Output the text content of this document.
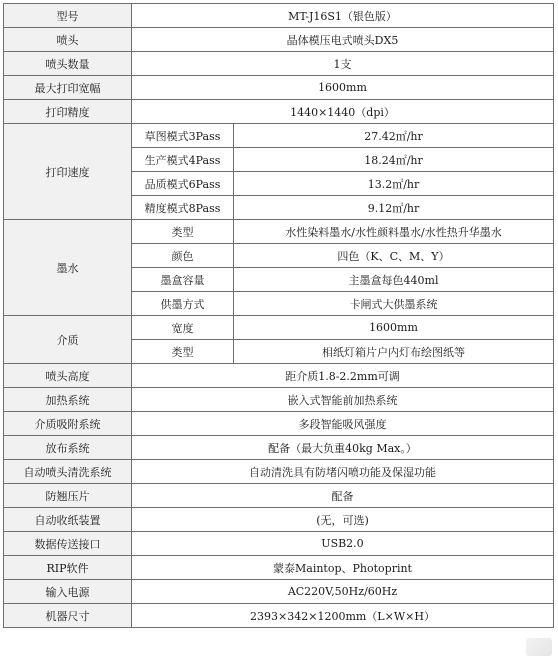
型号	MT-J16S1（银色版）	
喷头	晶体模压电式喷头DX5	
喷头数量	1支	
最大打印宽幅	1600mm	
打印精度	1440×1440（dpi）	
打印速度	草图模式3Pass	27.42㎡/hr
	生产模式4Pass	18.24㎡/hr
	品质模式6Pass	13.2㎡/hr
	精度模式8Pass	9.12㎡/hr
墨水	类型	水性染料墨水/水性颜料墨水/水性热升华墨水
	颜色	四色（K、C、M、Y）
	墨盒容量	主墨盒每色440ml
	供墨方式	卡闸式大供墨系统
介质	宽度	1600mm
	类型	相纸灯箱片户内灯布绘图纸等
喷头高度	距介质1.8-2.2mm可调	
加热系统	嵌入式智能前加热系统	
介质吸附系统	多段智能吸风强度	
放布系统	配备（最大负重40kg Max。）	
自动喷头清洗系统	自动清洗具有防堵闪喷功能及保湿功能	
防翘压片	配备	
自动收纸装置	(无，可选)	
数据传送接口	USB2.0	
RIP软件	蒙泰Maintop、Photoprint	
输入电源	AC220V,50Hz/60Hz	
机器尺寸	2393×342×1200mm（L×W×H）	
